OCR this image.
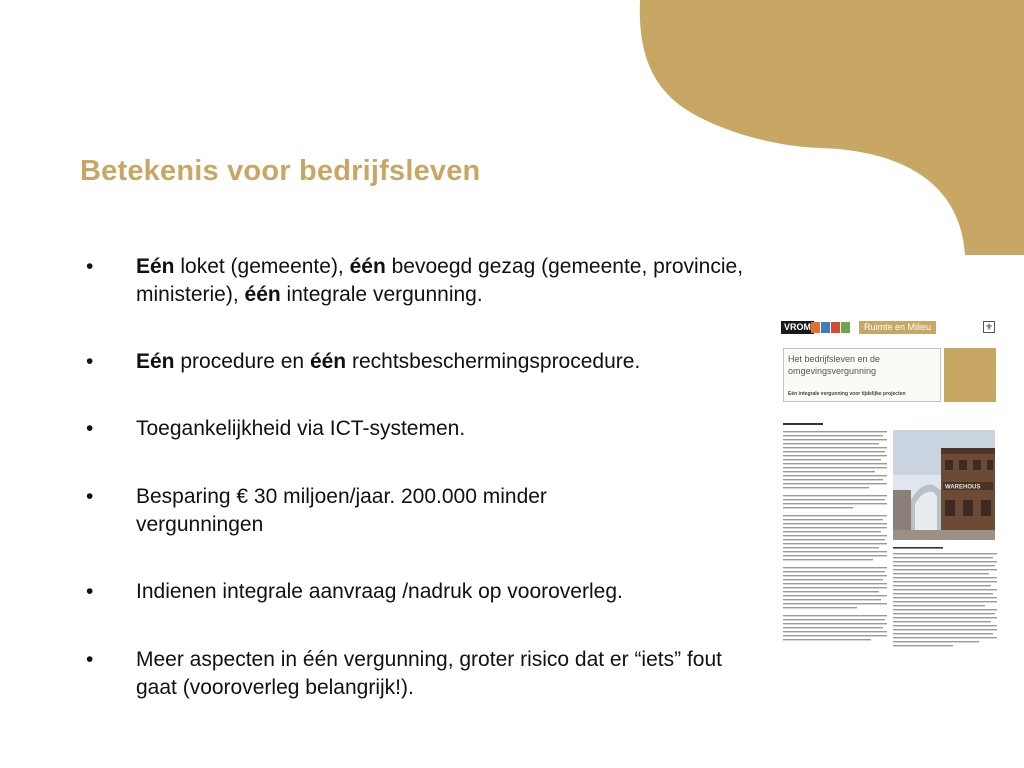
Betekenis voor bedrijfsleven
• Eén loket (gemeente), één bevoegd gezag (gemeente, provincie, ministerie), één integrale vergunning.
• Eén procedure en één rechtsbeschermingsprocedure.
• Toegankelijkheid via ICT-systemen.
• Besparing € 30 miljoen/jaar. 200.000 minder vergunningen
• Indienen integrale aanvraag /nadruk op vooroverleg.
• Meer aspecten in één vergunning, groter risico dat er “iets” fout gaat (vooroverleg belangrijk!).
VROM	Ruimte en Milieu	⚜
Het bedrijfsleven en de omgevingsvergunning
Eén integrale vergunning voor tijdelijke projecten
WAREHOUS
